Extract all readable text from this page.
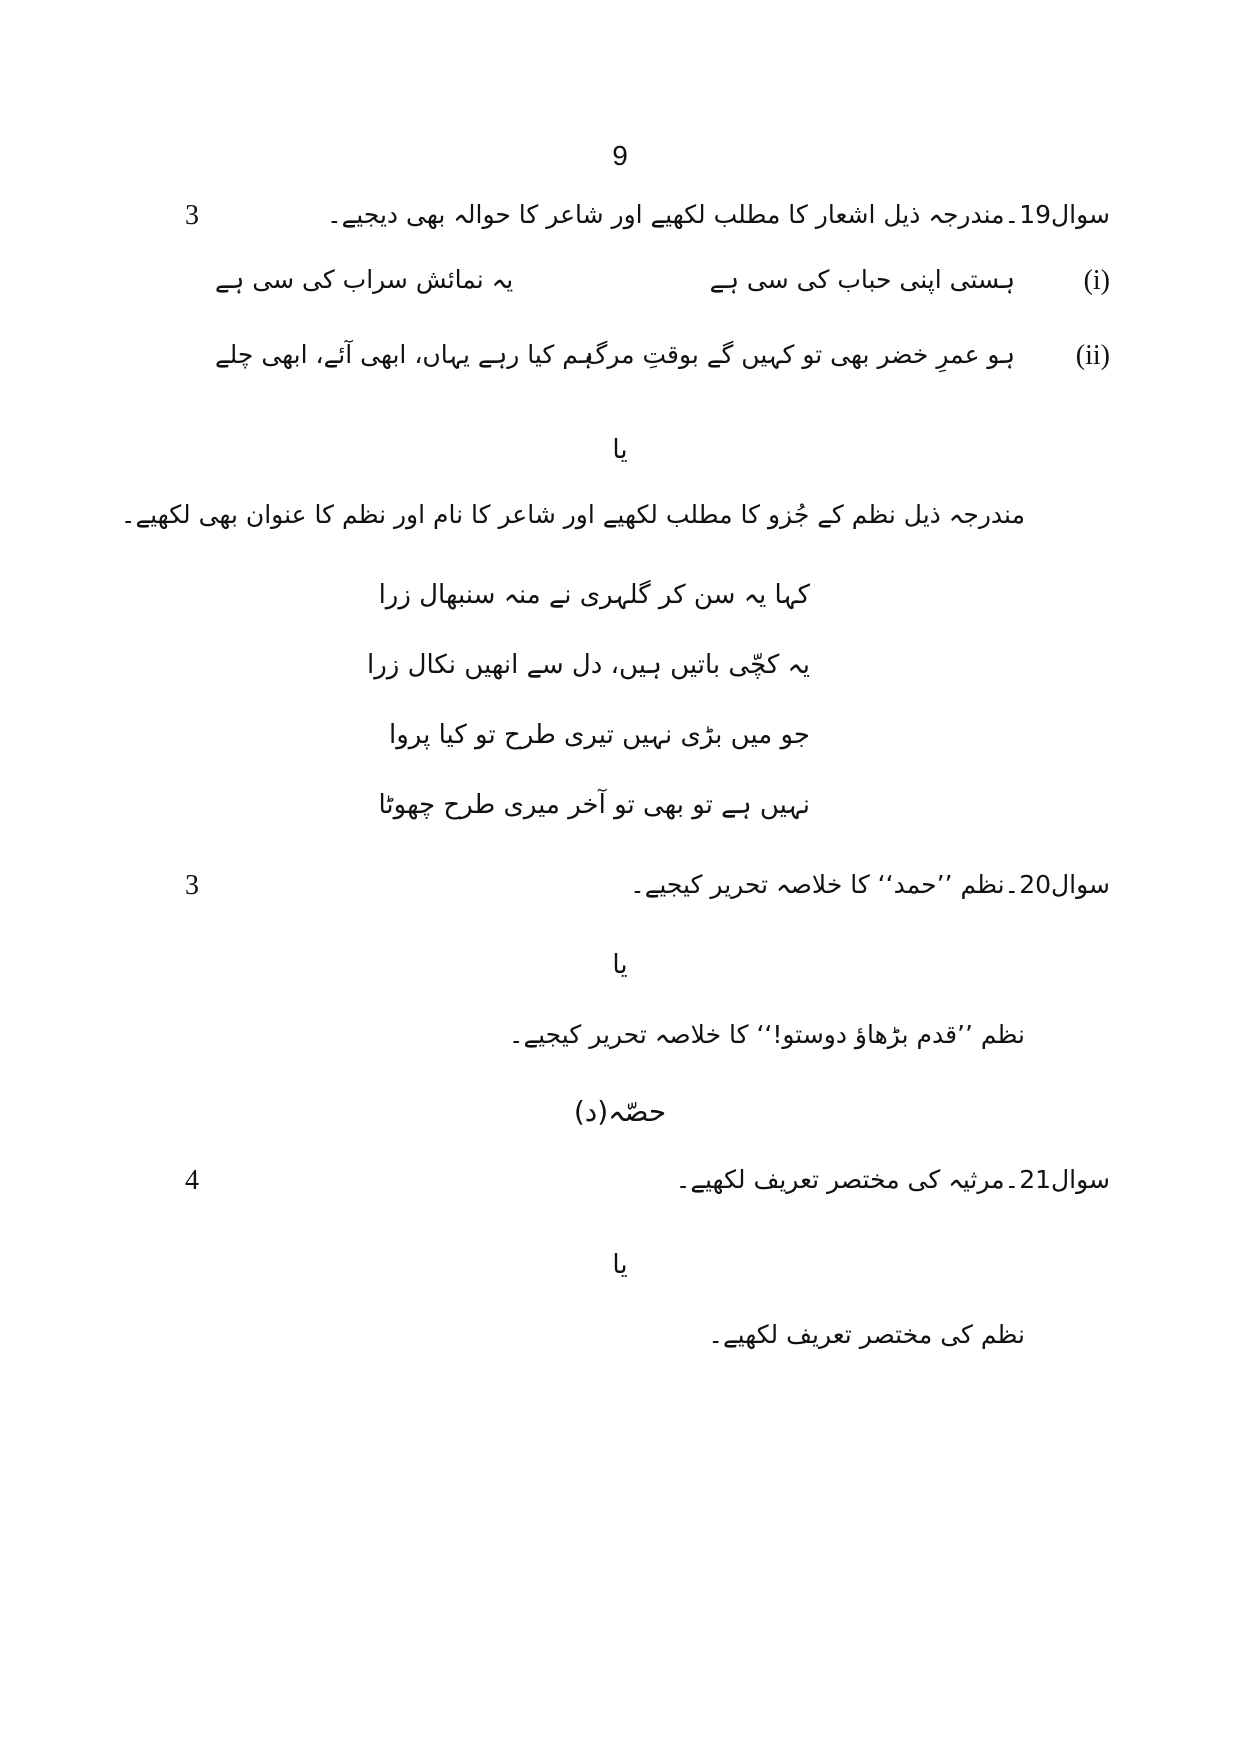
9
سوال19۔مندرجہ ذیل اشعار کا مطلب لکھیے اور شاعر کا حوالہ بھی دیجیے۔
3
(i)
ہستی اپنی حباب کی سی ہے
یہ نمائش سراب کی سی ہے
(ii)
ہو عمرِ خضر بھی تو کہیں گے بوقتِ مرگ
ہم کیا رہے یہاں، ابھی آئے، ابھی چلے
یا
مندرجہ ذیل نظم کے جُزو کا مطلب لکھیے اور شاعر کا نام اور نظم کا عنوان بھی لکھیے۔
کہا یہ سن کر گلہری نے منہ سنبھال زرا
یہ کچّی باتیں ہیں، دل سے انھیں نکال زرا
جو میں بڑی نہیں تیری طرح تو کیا پروا
نہیں ہے تو بھی تو آخر میری طرح چھوٹا
سوال20۔نظم ’’حمد‘‘ کا خلاصہ تحریر کیجیے۔
3
یا
نظم ’’قدم بڑھاؤ دوستو!‘‘ کا خلاصہ تحریر کیجیے۔
حصّہ(د)
سوال21۔مرثیہ کی مختصر تعریف لکھیے۔
4
یا
نظم کی مختصر تعریف لکھیے۔
